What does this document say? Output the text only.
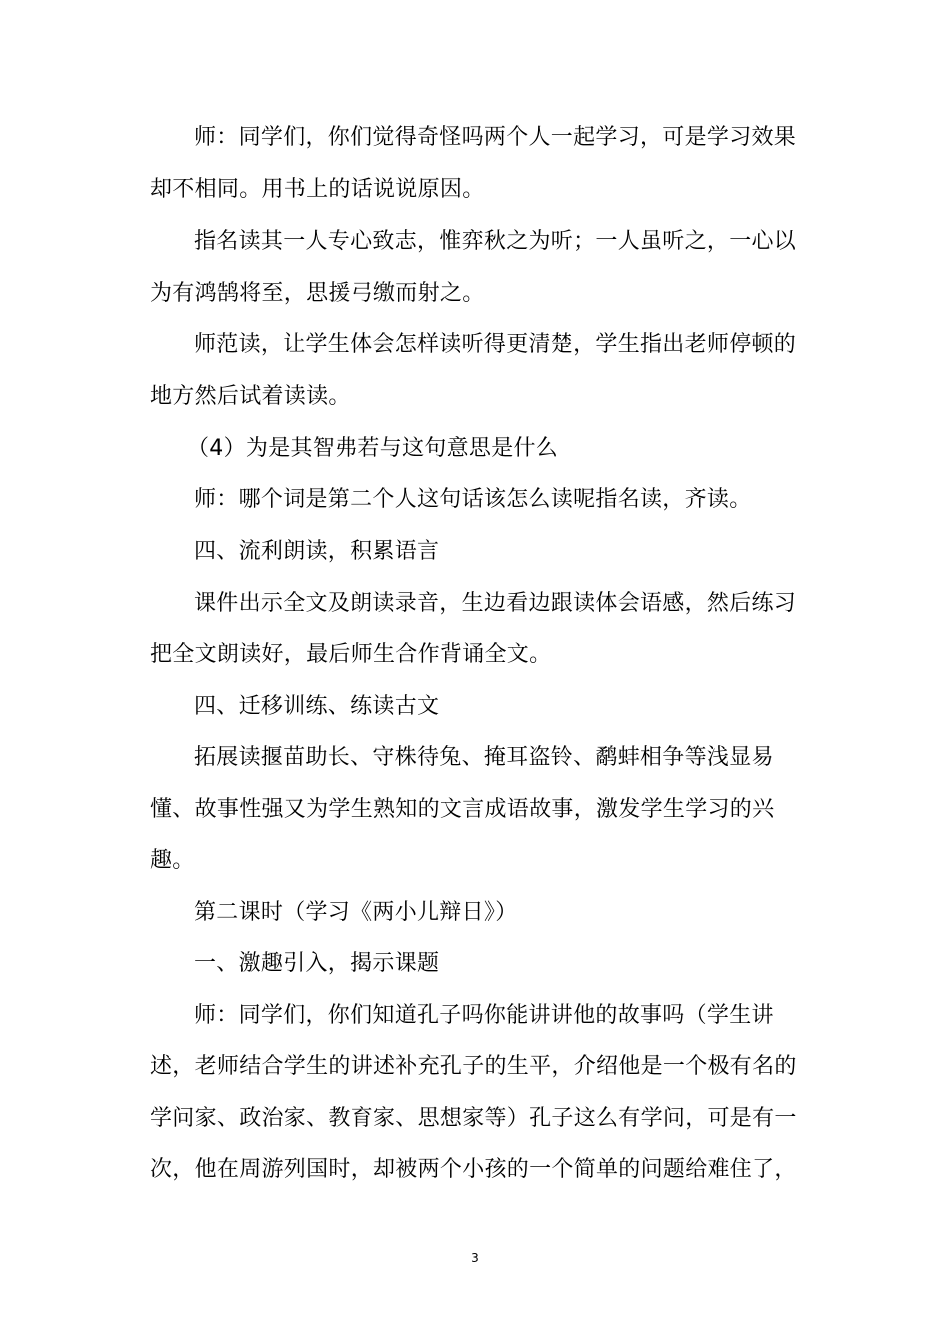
师：同学们，你们觉得奇怪吗两个人一起学习，可是学习效果
却不相同。用书上的话说说原因。
指名读其一人专心致志，惟弈秋之为听；一人虽听之，一心以
为有鸿鹄将至，思援弓缴而射之。
师范读，让学生体会怎样读听得更清楚，学生指出老师停顿的
地方然后试着读读。
（4）为是其智弗若与这句意思是什么
师：哪个词是第二个人这句话该怎么读呢指名读，齐读。
四、流利朗读，积累语言
课件出示全文及朗读录音，生边看边跟读体会语感，然后练习
把全文朗读好，最后师生合作背诵全文。
四、迁移训练、练读古文
拓展读揠苗助长、守株待兔、掩耳盗铃、鹬蚌相争等浅显易
懂、故事性强又为学生熟知的文言成语故事，激发学生学习的兴
趣。
第二课时（学习《两小儿辩日》）
一、激趣引入，揭示课题
师：同学们，你们知道孔子吗你能讲讲他的故事吗（学生讲
述，老师结合学生的讲述补充孔子的生平，介绍他是一个极有名的
学问家、政治家、教育家、思想家等）孔子这么有学问，可是有一
次，他在周游列国时，却被两个小孩的一个简单的问题给难住了，
3
